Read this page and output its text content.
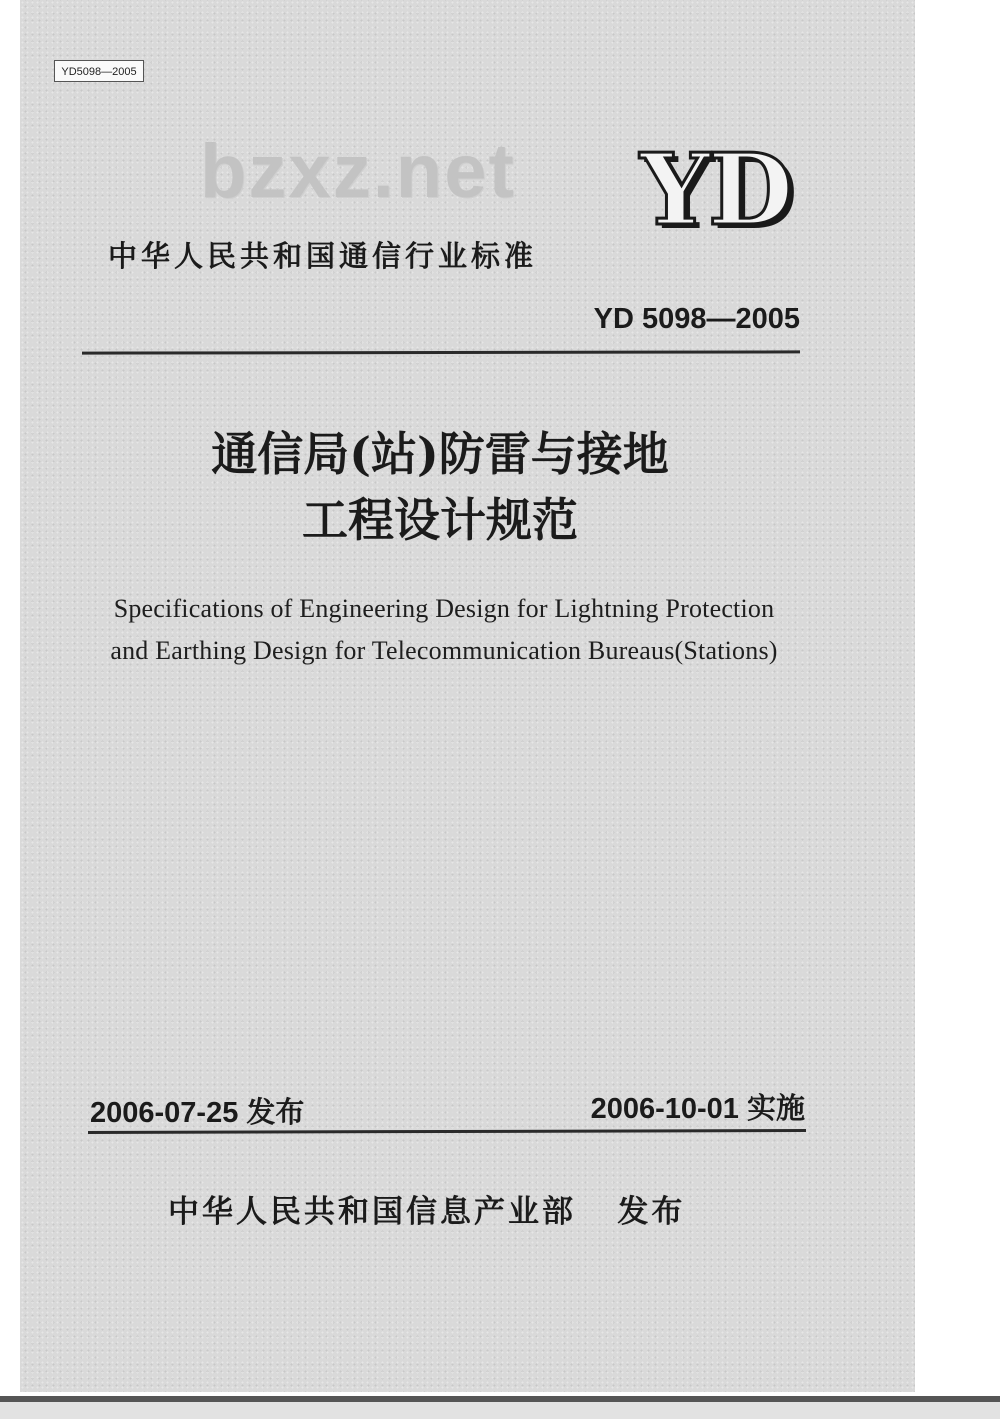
YD5098—2005
bzxz.net YD
中华人民共和国通信行业标准
YD 5098—2005
通信局(站)防雷与接地
工程设计规范
Specifications of Engineering Design for Lightning Protection
and Earthing Design for Telecommunication Bureaus(Stations)
2006-07-25 发布	2006-10-01 实施
中华人民共和国信息产业部 发布
